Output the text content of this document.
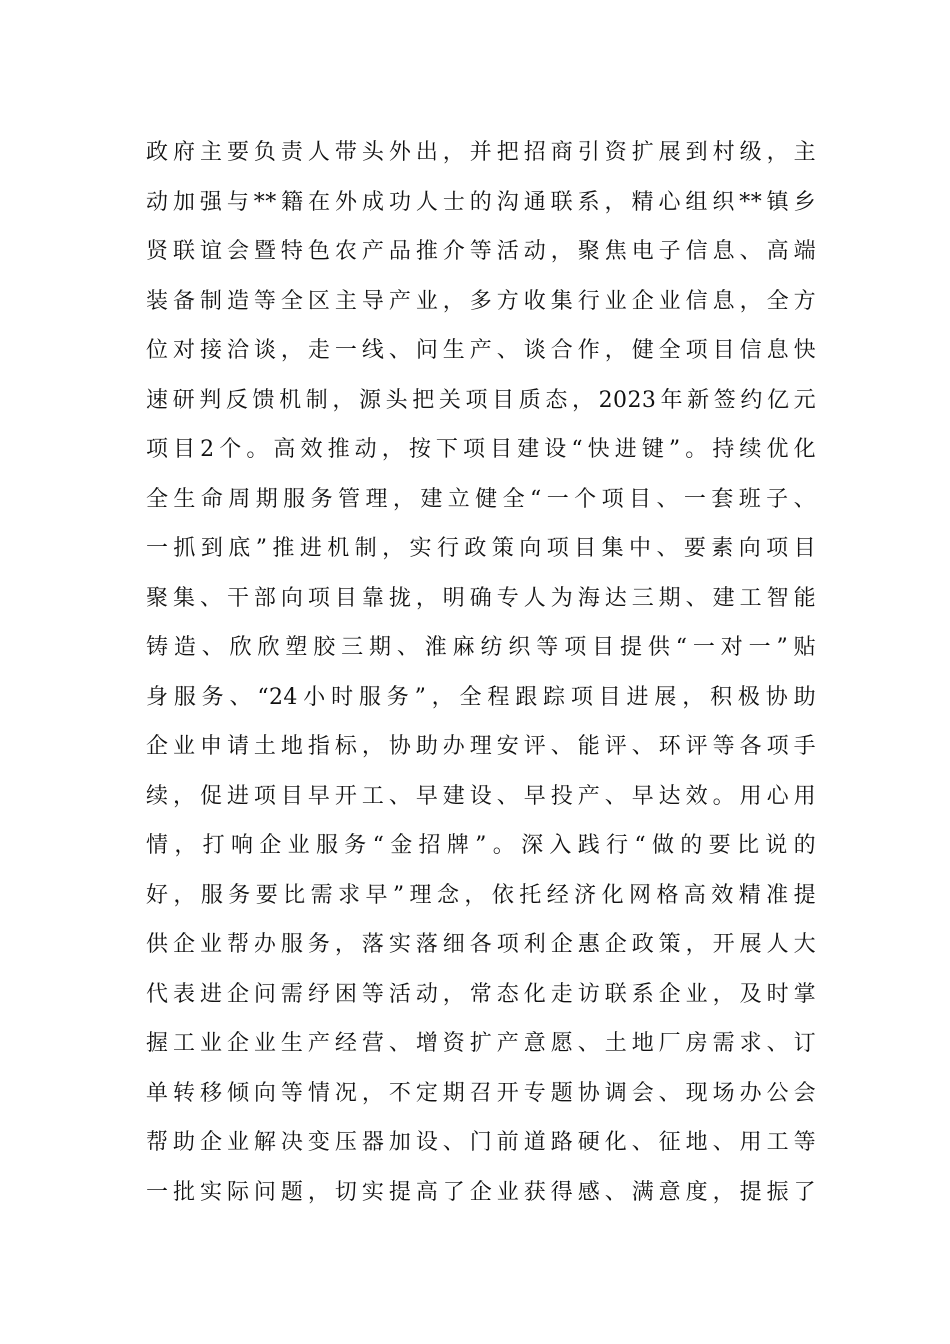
政府主要负责人带头外出，并把招商引资扩展到村级，主
动加强与**籍在外成功人士的沟通联系，精心组织**镇乡
贤联谊会暨特色农产品推介等活动，聚焦电子信息、高端
装备制造等全区主导产业，多方收集行业企业信息，全方
位对接洽谈，走一线、问生产、谈合作，健全项目信息快
速研判反馈机制，源头把关项目质态，2023年新签约亿元
项目2个。高效推动，按下项目建设“快进键”。持续优化
全生命周期服务管理，建立健全“一个项目、一套班子、
一抓到底”推进机制，实行政策向项目集中、要素向项目
聚集、干部向项目靠拢，明确专人为海达三期、建工智能
铸造、欣欣塑胶三期、淮麻纺织等项目提供“一对一”贴
身服务、“24小时服务”，全程跟踪项目进展，积极协助
企业申请土地指标，协助办理安评、能评、环评等各项手
续，促进项目早开工、早建设、早投产、早达效。用心用
情，打响企业服务“金招牌”。深入践行“做的要比说的
好，服务要比需求早”理念，依托经济化网格高效精准提
供企业帮办服务，落实落细各项利企惠企政策，开展人大
代表进企问需纾困等活动，常态化走访联系企业，及时掌
握工业企业生产经营、增资扩产意愿、土地厂房需求、订
单转移倾向等情况，不定期召开专题协调会、现场办公会
帮助企业解决变压器加设、门前道路硬化、征地、用工等
一批实际问题，切实提高了企业获得感、满意度，提振了
